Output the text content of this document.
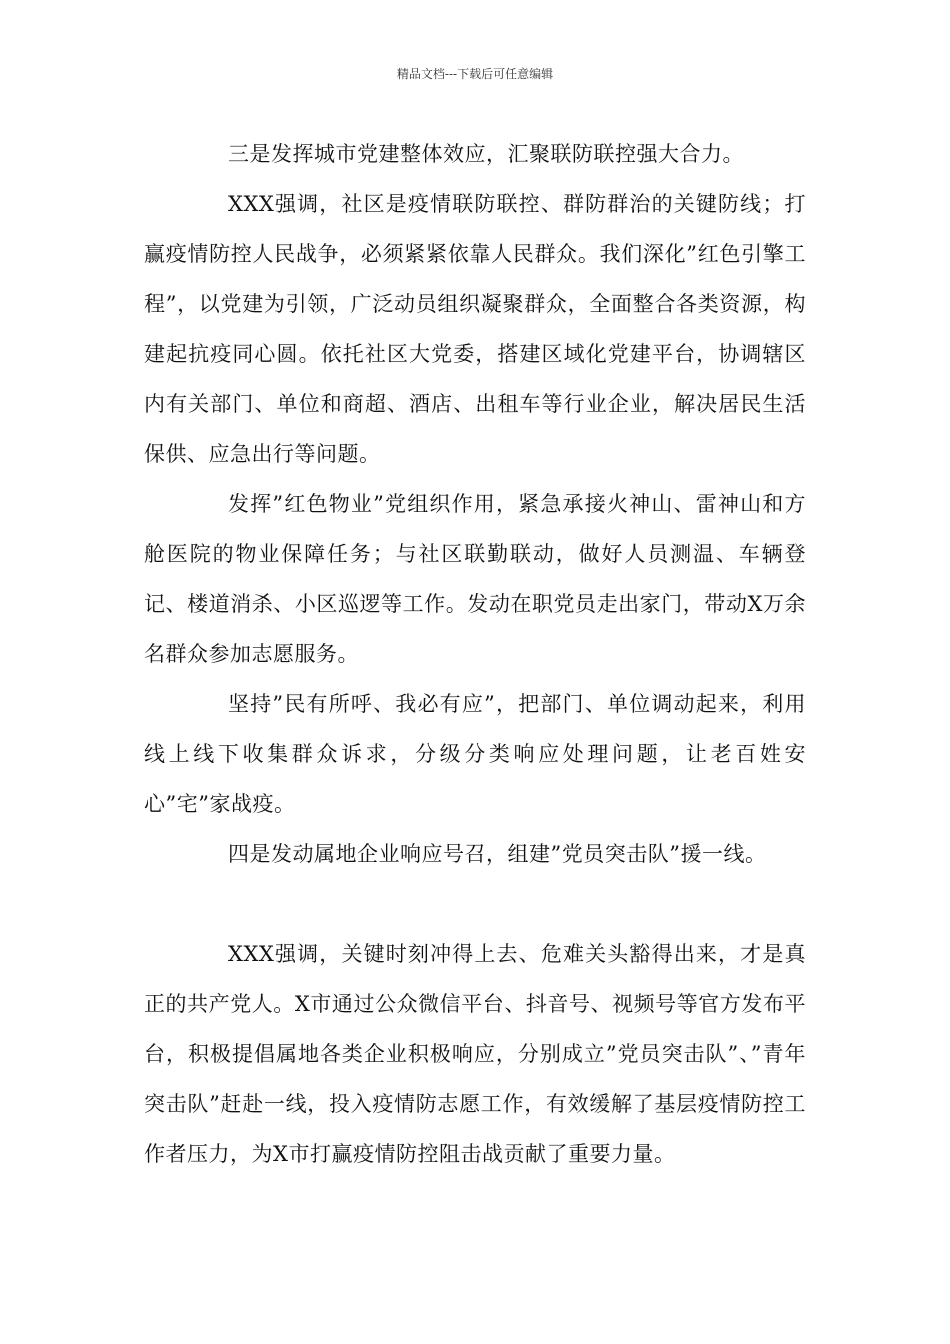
精品文档---下载后可任意编辑

三是发挥城市党建整体效应，汇聚联防联控强大合力。

XXX强调，社区是疫情联防联控、群防群治的关键防线；打赢疫情防控人民战争，必须紧紧依靠人民群众。我们深化”红色引擎工程”，以党建为引领，广泛动员组织凝聚群众，全面整合各类资源，构建起抗疫同心圆。依托社区大党委，搭建区域化党建平台，协调辖区内有关部门、单位和商超、酒店、出租车等行业企业，解决居民生活保供、应急出行等问题。

发挥”红色物业”党组织作用，紧急承接火神山、雷神山和方舱医院的物业保障任务；与社区联勤联动，做好人员测温、车辆登记、楼道消杀、小区巡逻等工作。发动在职党员走出家门，带动X万余名群众参加志愿服务。

坚持”民有所呼、我必有应”，把部门、单位调动起来，利用线上线下收集群众诉求，分级分类响应处理问题，让老百姓安心”宅”家战疫。

四是发动属地企业响应号召，组建”党员突击队”援一线。

XXX强调，关键时刻冲得上去、危难关头豁得出来，才是真正的共产党人。X市通过公众微信平台、抖音号、视频号等官方发布平台，积极提倡属地各类企业积极响应，分别成立”党员突击队”、”青年突击队”赶赴一线，投入疫情防志愿工作，有效缓解了基层疫情防控工作者压力，为X市打赢疫情防控阻击战贡献了重要力量。
